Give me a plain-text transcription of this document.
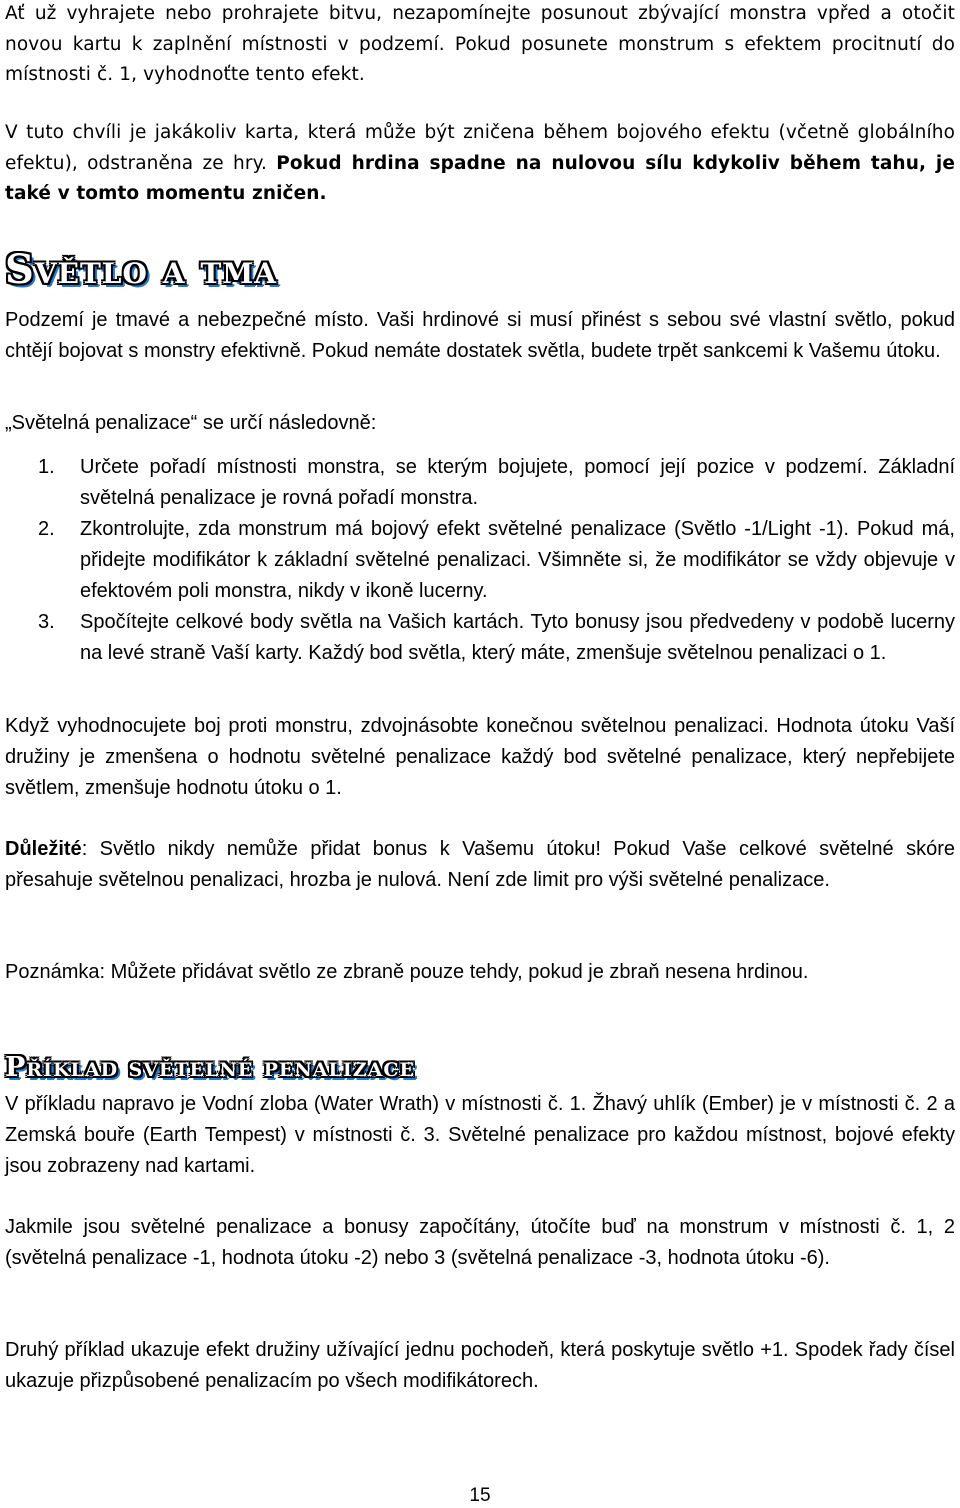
Ať už vyhrajete nebo prohrajete bitvu, nezapomínejte posunout zbývající monstra vpřed a otočit novou kartu k zaplnění místnosti v podzemí. Pokud posunete monstrum s efektem procitnutí do místnosti č. 1, vyhodnoťte tento efekt.

V tuto chvíli je jakákoliv karta, která může být zničena během bojového efektu (včetně globálního efektu), odstraněna ze hry. Pokud hrdina spadne na nulovou sílu kdykoliv během tahu, je také v tomto momentu zničen.

Světlo a tma

Podzemí je tmavé a nebezpečné místo. Vaši hrdinové si musí přinést s sebou své vlastní světlo, pokud chtějí bojovat s monstry efektivně. Pokud nemáte dostatek světla, budete trpět sankcemi k Vašemu útoku.

„Světelná penalizace“ se určí následovně:

1. Určete pořadí místnosti monstra, se kterým bojujete, pomocí její pozice v podzemí. Základní světelná penalizace je rovná pořadí monstra.
2. Zkontrolujte, zda monstrum má bojový efekt světelné penalizace (Světlo -1/Light -1). Pokud má, přidejte modifikátor k základní světelné penalizaci. Všimněte si, že modifikátor se vždy objevuje v efektovém poli monstra, nikdy v ikoně lucerny.
3. Spočítejte celkové body světla na Vašich kartách. Tyto bonusy jsou předvedeny v podobě lucerny na levé straně Vaší karty. Každý bod světla, který máte, zmenšuje světelnou penalizaci o 1.

Když vyhodnocujete boj proti monstru, zdvojnásobte konečnou světelnou penalizaci. Hodnota útoku Vaší družiny je zmenšena o hodnotu světelné penalizace každý bod světelné penalizace, který nepřebijete světlem, zmenšuje hodnotu útoku o 1.

Důležité: Světlo nikdy nemůže přidat bonus k Vašemu útoku! Pokud Vaše celkové světelné skóre přesahuje světelnou penalizaci, hrozba je nulová. Není zde limit pro výši světelné penalizace.

Poznámka: Můžete přidávat světlo ze zbraně pouze tehdy, pokud je zbraň nesena hrdinou.

Příklad světelné penalizace

V příkladu napravo je Vodní zloba (Water Wrath) v místnosti č. 1. Žhavý uhlík (Ember) je v místnosti č. 2 a Zemská bouře (Earth Tempest) v místnosti č. 3. Světelné penalizace pro každou místnost, bojové efekty jsou zobrazeny nad kartami.

Jakmile jsou světelné penalizace a bonusy započítány, útočíte buď na monstrum v místnosti č. 1, 2 (světelná penalizace -1, hodnota útoku -2) nebo 3 (světelná penalizace -3, hodnota útoku -6).

Druhý příklad ukazuje efekt družiny užívající jednu pochodeň, která poskytuje světlo +1. Spodek řady čísel ukazuje přizpůsobené penalizacím po všech modifikátorech.

15
